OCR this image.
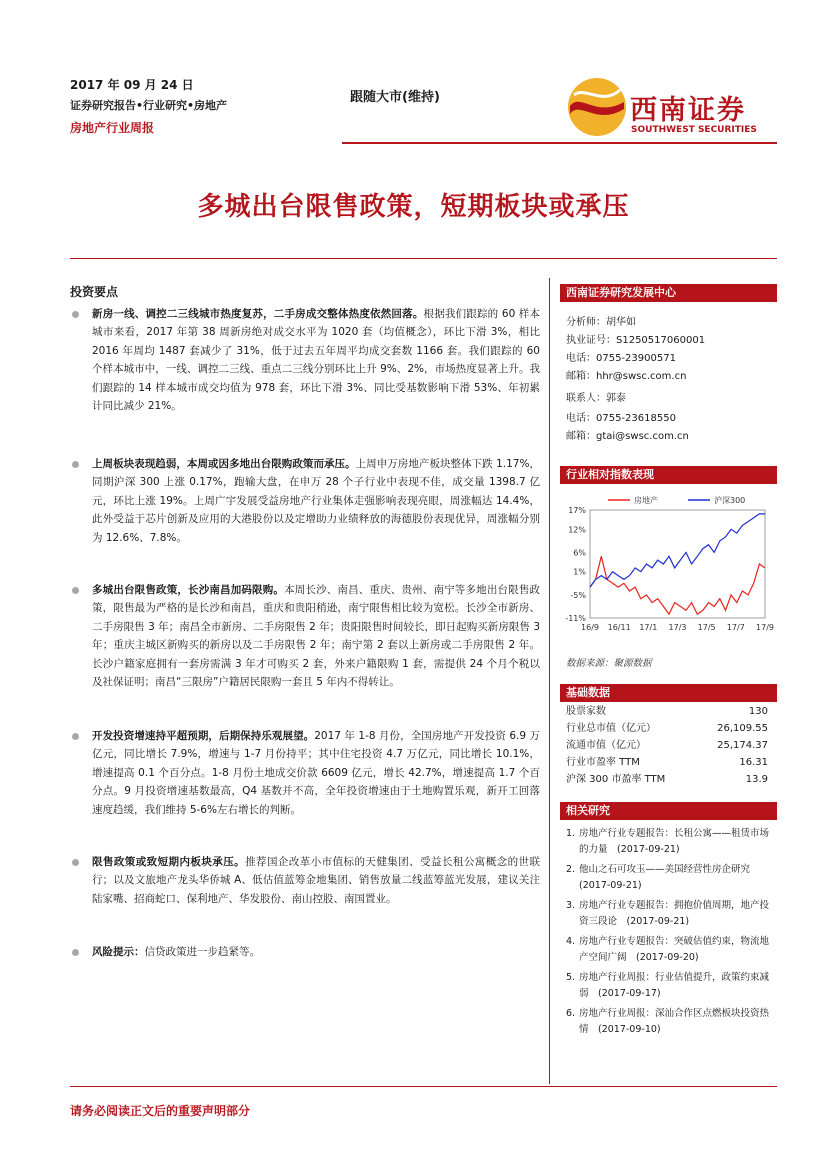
2017 年 09 月 24 日
证券研究报告•行业研究•房地产
房地产行业周报
跟随大市(维持)	西南证券
SOUTHWEST SECURITIES
多城出台限售政策，短期板块或承压
投资要点
新房一线、调控二三线城市热度复苏，二手房成交整体热度依然回落。根据我们跟踪的 60 样本城市来看，2017 年第 38 周新房绝对成交水平为 1020 套（均值概念），环比下滑 3%，相比 2016 年周均 1487 套减少了 31%，低于过去五年周平均成交套数 1166 套。我们跟踪的 60 个样本城市中，一线、调控二三线、重点二三线分别环比上升 9%、2%，市场热度显著上升。我们跟踪的 14 样本城市成交均值为 978 套，环比下滑 3%、同比受基数影响下滑 53%、年初累计同比减少 21%。
上周板块表现趋弱，本周或因多地出台限购政策而承压。上周申万房地产板块整体下跌 1.17%，同期沪深 300 上涨 0.17%，跑输大盘，在申万 28 个子行业中表现不佳，成交量 1398.7 亿元，环比上涨 19%。上周广宇发展受益房地产行业集体走强影响表现亮眼，周涨幅达 14.4%，此外受益于芯片创新及应用的大港股份以及定增助力业绩释放的海德股份表现优异，周涨幅分别为 12.6%、7.8%。
多城出台限售政策，长沙南昌加码限购。本周长沙、南昌、重庆、贵州、南宁等多地出台限售政策，限售最为严格的是长沙和南昌，重庆和贵阳稍逊，南宁限售相比较为宽松。长沙全市新房、二手房限售 3 年；南昌全市新房、二手房限售 2 年；贵阳限售时间较长，即日起购买新房限售 3 年；重庆主城区新购买的新房以及二手房限售 2 年；南宁第 2 套以上新房或二手房限售 2 年。长沙户籍家庭拥有一套房需满 3 年才可购买 2 套，外来户籍限购 1 套，需提供 24 个月个税以及社保证明；南昌“三限房”户籍居民限购一套且 5 年内不得转让。
开发投资增速持平超预期，后期保持乐观展望。2017 年 1-8 月份，全国房地产开发投资 6.9 万亿元，同比增长 7.9%，增速与 1-7 月份持平；其中住宅投资 4.7 万亿元，同比增长 10.1%，增速提高 0.1 个百分点。1-8 月份土地成交价款 6609 亿元，增长 42.7%，增速提高 1.7 个百分点。9 月投资增速基数最高，Q4 基数并不高，全年投资增速由于土地购置乐观，新开工回落速度趋缓，我们维持 5-6%左右增长的判断。
限售政策或致短期内板块承压。推荐国企改革小市值标的天健集团、受益长租公寓概念的世联行；以及文旅地产龙头华侨城 A、低估值蓝筹金地集团、销售放量二线蓝筹蓝光发展，建议关注陆家嘴、招商蛇口、保利地产、华发股份、南山控股、南国置业。
风险提示：信贷政策进一步趋紧等。
西南证券研究发展中心
分析师：胡华如
执业证号：S1250517060001
电话：0755-23900571
邮箱：hhr@swsc.com.cn
联系人：郭泰
电话：0755-23618550
邮箱：gtai@swsc.com.cn
行业相对指数表现
17%
12%
6%
1%
-5%
-11%
16/9 16/11 17/1 17/3 17/5 17/7 17/9
房地产	沪深300
数据来源：聚源数据
基础数据
股票家数	130
行业总市值（亿元）	26,109.55
流通市值（亿元）	25,174.37
行业市盈率 TTM	16.31
沪深 300 市盈率 TTM	13.9
相关研究
1. 房地产行业专题报告：长租公寓——租赁市场的力量　(2017-09-21)
2. 他山之石可攻玉——美国经营性房企研究　(2017-09-21)
3. 房地产行业专题报告：拥抱价值周期，地产投资三段论　(2017-09-21)
4. 房地产行业专题报告：突破估值约束，物流地产空间广阔　(2017-09-20)
5. 房地产行业周报：行业估值提升，政策约束减弱　(2017-09-17)
6. 房地产行业周报：深汕合作区点燃板块投资热情　(2017-09-10)
请务必阅读正文后的重要声明部分
